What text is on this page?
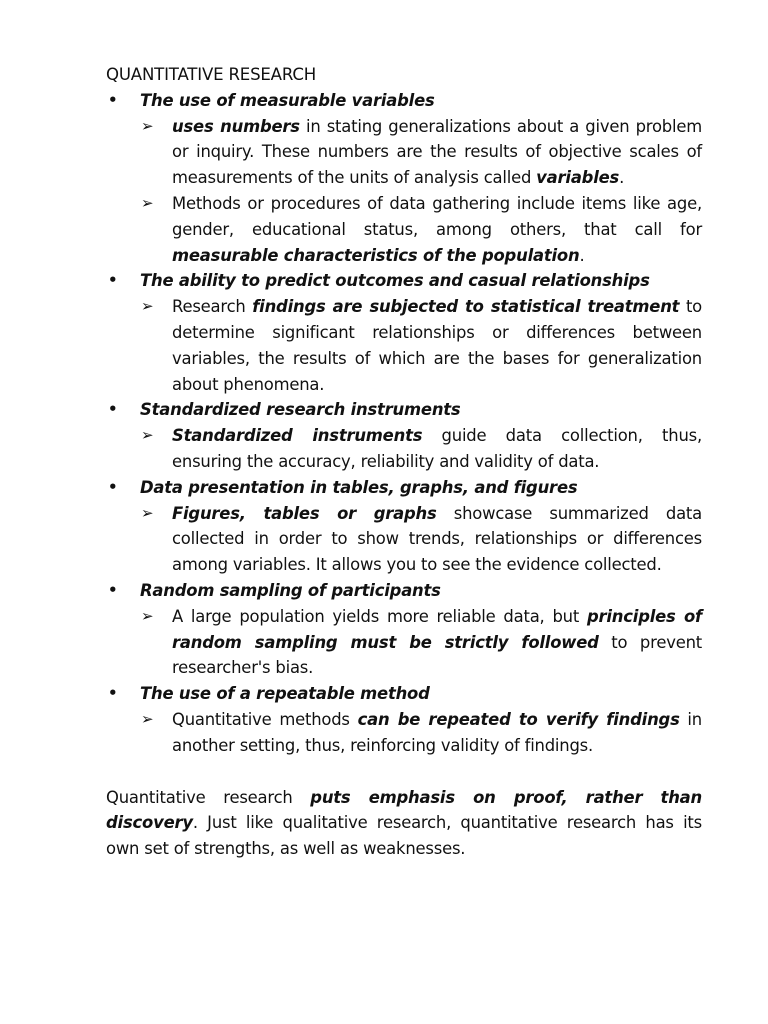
QUANTITATIVE RESEARCH
• The use of measurable variables
➢ uses numbers in stating generalizations about a given problem or inquiry. These numbers are the results of objective scales of measurements of the units of analysis called variables.
➢ Methods or procedures of data gathering include items like age, gender, educational status, among others, that call for measurable characteristics of the population.
• The ability to predict outcomes and casual relationships
➢ Research findings are subjected to statistical treatment to determine significant relationships or differences between variables, the results of which are the bases for generalization about phenomena.
• Standardized research instruments
➢ Standardized instruments guide data collection, thus, ensuring the accuracy, reliability and validity of data.
• Data presentation in tables, graphs, and figures
➢ Figures, tables or graphs showcase summarized data collected in order to show trends, relationships or differences among variables. It allows you to see the evidence collected.
• Random sampling of participants
➢ A large population yields more reliable data, but principles of random sampling must be strictly followed to prevent researcher's bias.
• The use of a repeatable method
➢ Quantitative methods can be repeated to verify findings in another setting, thus, reinforcing validity of findings.

Quantitative research puts emphasis on proof, rather than discovery. Just like qualitative research, quantitative research has its own set of strengths, as well as weaknesses.
